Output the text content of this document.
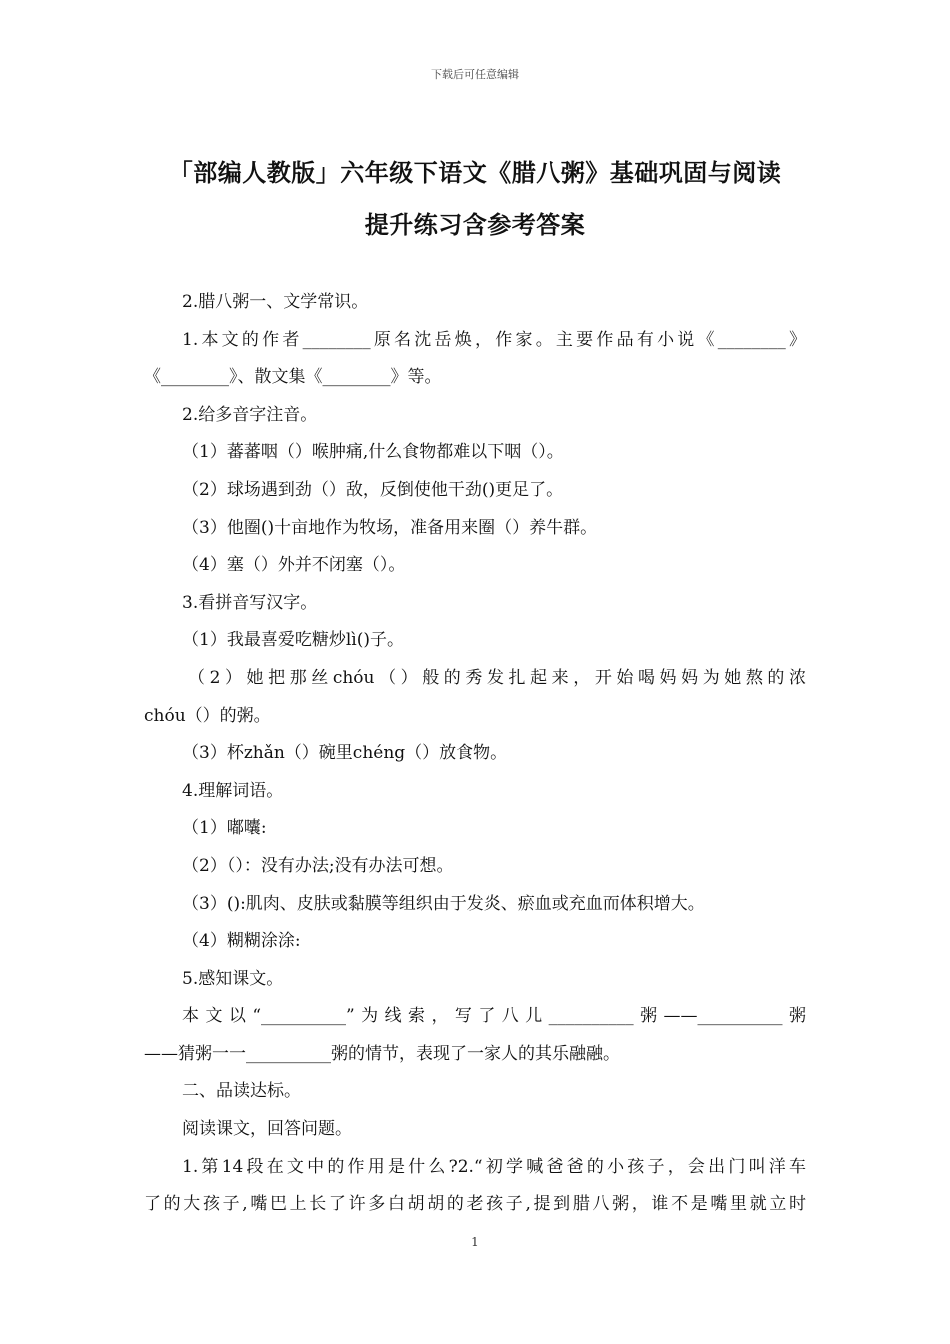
下载后可任意编辑
「部编人教版」六年级下语文《腊八粥》基础巩固与阅读
提升练习含参考答案

2.腊八粥一、文学常识。

1.本文的作者________原名沈岳焕，作家。主要作品有小说《________》

《________》、散文集《________》等。

2.给多音字注音。

（1）蕃蕃咽（）喉肿痛,什么食物都难以下咽（）。

（2）球场遇到劲（）敌，反倒使他干劲()更足了。

（3）他圈()十亩地作为牧场，准备用来圈（）养牛群。

（4）塞（）外并不闭塞（）。

3.看拼音写汉字。

（1）我最喜爱吃糖炒lì()子。

（2）她把那丝chóu（）般的秀发扎起来，开始喝妈妈为她熬的浓

chóu（）的粥。

（3）杯zhǎn（）碗里chéng（）放食物。

4.理解词语。

（1）嘟囔:

（2）（）：没有办法;没有办法可想。

（3）():肌肉、皮肤或黏膜等组织由于发炎、瘀血或充血而体积增大。

（4）糊糊涂涂:

5.感知课文。

本文以“__________”为线索，写了八儿__________粥——__________粥

——猜粥一一__________粥的情节，表现了一家人的其乐融融。

二、品读达标。

阅读课文，回答问题。

1.第14段在文中的作用是什么?2.“初学喊爸爸的小孩子，会出门叫洋车

了的大孩子,嘴巴上长了许多白胡胡的老孩子,提到腊八粥，谁不是嘴里就立时

1
